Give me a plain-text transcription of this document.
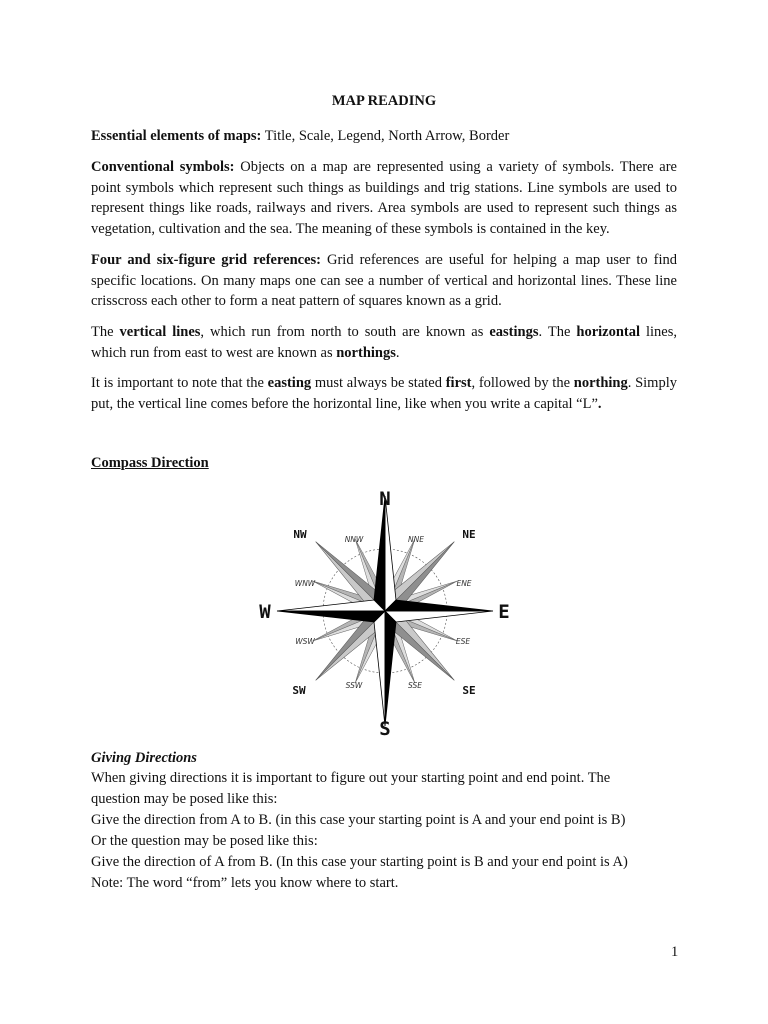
MAP READING

Essential elements of maps: Title, Scale, Legend, North Arrow, Border

Conventional symbols: Objects on a map are represented using a variety of symbols. There are point symbols which represent such things as buildings and trig stations. Line symbols are used to represent things like roads, railways and rivers. Area symbols are used to represent such things as vegetation, cultivation and the sea. The meaning of these symbols is contained in the key.

Four and six-figure grid references: Grid references are useful for helping a map user to find specific locations. On many maps one can see a number of vertical and horizontal lines. These line crisscross each other to form a neat pattern of squares known as a grid.

The vertical lines, which run from north to south are known as eastings. The horizontal lines, which run from east to west are known as northings.

It is important to note that the easting must always be stated first, followed by the northing. Simply put, the vertical line comes before the horizontal line, like when you write a capital “L”.

Compass Direction
N
E
S
W
NE
SE
SW
NW	NNE
ENE
ESE
SSE
SSW
WSW
WNW
NNW
Giving Directions
When giving directions it is important to figure out your starting point and end point. The
question may be posed like this:
Give the direction from A to B. (in this case your starting point is A and your end point is B)
Or the question may be posed like this:
Give the direction of A from B. (In this case your starting point is B and your end point is A)
Note: The word “from” lets you know where to start.
1
